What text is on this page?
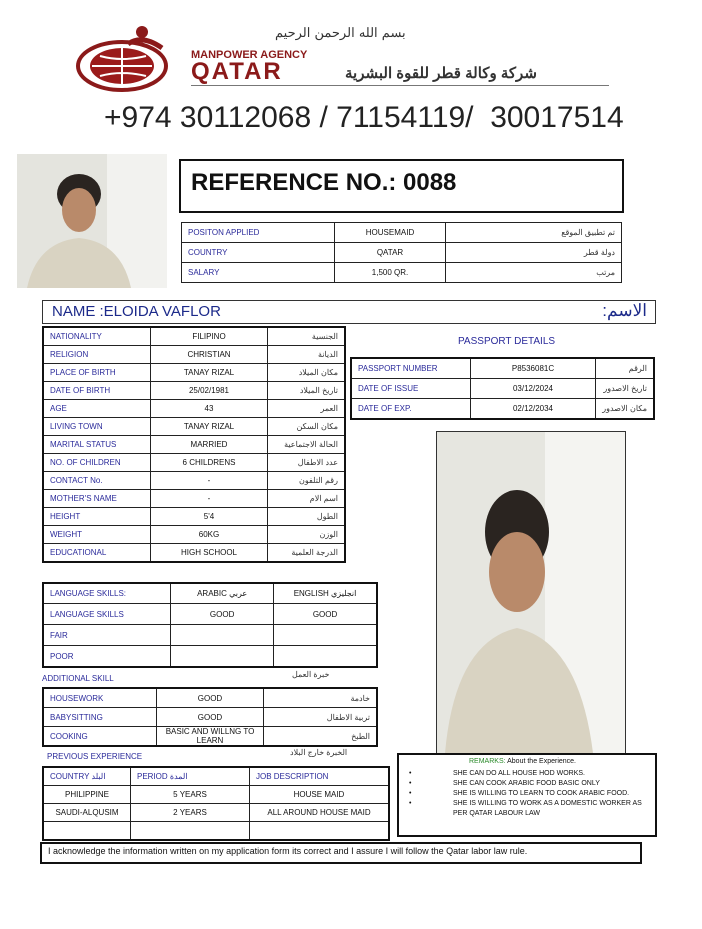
بسم الله الرحمن الرحيم
MANPOWER AGENCY
QATAR	شركة وكالة قطر للقوة البشرية
+974 30112068 / 71154119/  30017514
REFERENCE NO.: 0088
POSITON APPLIED	HOUSEMAID	تم تطبيق الموقع
COUNTRY	QATAR	دولة قطر
SALARY	1,500 QR.	مرتب
NAME :ELOIDA VAFLOR	الاسم:
NATIONALITY	FILIPINO	الجنسية
RELIGION	CHRISTIAN	الديانة
PLACE OF BIRTH	TANAY RIZAL	مكان الميلاد
DATE OF BIRTH	25/02/1981	تاريخ الميلاد
AGE	43	العمر
LIVING TOWN	TANAY RIZAL	مكان السكن
MARITAL STATUS	MARRIED	الحالة الاجتماعية
NO. OF CHILDREN	6 CHILDRENS	عدد الاطفال
CONTACT No.	-	رقم التلفون
MOTHER'S NAME	-	اسم الام
HEIGHT	5'4	الطول
WEIGHT	60KG	الوزن
EDUCATIONAL	HIGH SCHOOL	الدرجة العلمية
PASSPORT DETAILS
PASSPORT NUMBER	P8536081C	الرقم
DATE OF ISSUE	03/12/2024	تاريخ الاصدور
DATE OF EXP.	02/12/2034	مكان الاصدور
LANGUAGE SKILLS:	ARABIC عربي	ENGLISH انجليزي
LANGUAGE SKILLS	GOOD	GOOD
FAIR		
POOR		
ADDITIONAL SKILL	خبرة العمل
HOUSEWORK	GOOD	خادمة
BABYSITTING	GOOD	تربية الاطفال
COOKING	BASIC AND WILLNG TO LEARN	الطبخ
PREVIOUS EXPERIENCE	الخبرة خارج البلاد
COUNTRY البلد	PERIOD المدة	JOB DESCRIPTION
PHILIPPINE	5 YEARS	HOUSE MAID
SAUDI-ALQUSIM	2 YEARS	ALL AROUND HOUSE MAID

REMARKS: About the Experience.
SHE CAN DO ALL HOUSE HOD WORKS.
•
SHE CAN COOK ARABIC FOOD BASIC ONLY
•
SHE IS WILLING TO LEARN TO COOK ARABIC FOOD.
•
SHE IS WILLING TO WORK AS A DOMESTIC WORKER AS PER QATAR LABOUR LAW
•
I acknowledge the information written on my application form its correct and I assure I will follow the Qatar labor law rule.
